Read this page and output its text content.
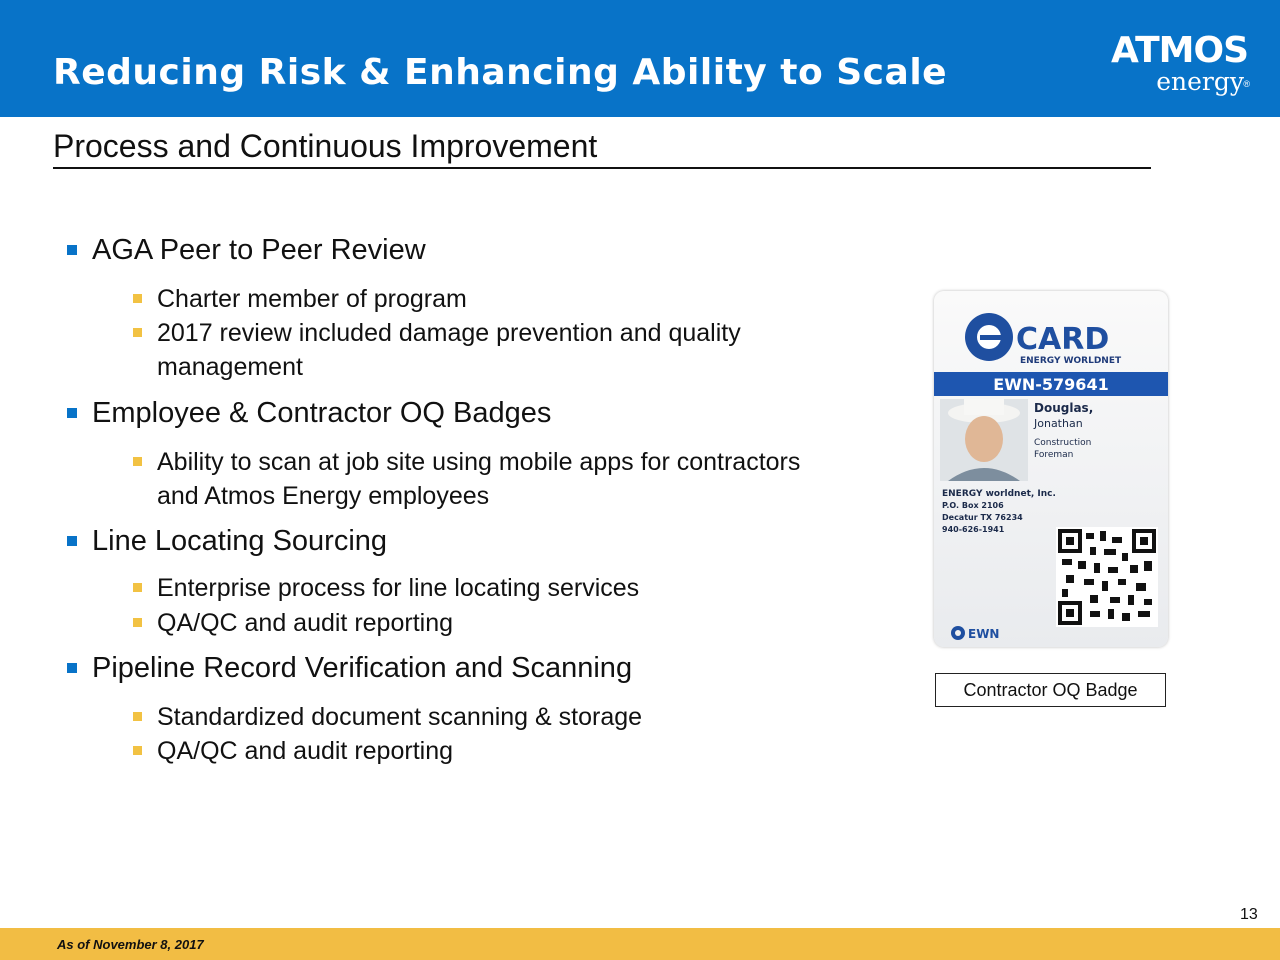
Reducing Risk & Enhancing Ability to Scale
ATMOS
energy ®
Process and Continuous Improvement
AGA Peer to Peer Review
Charter member of program
2017 review included damage prevention and quality
management
Employee & Contractor OQ Badges
Ability to scan at job site using mobile apps for contractors
and Atmos Energy employees
Line Locating Sourcing
Enterprise process for line locating services
QA/QC and audit reporting
Pipeline Record Verification and Scanning
Standardized document scanning & storage
QA/QC and audit reporting
CARD
ENERGY WORLDNET
EWN-579641
Douglas,
Jonathan
Construction
Foreman
ENERGY worldnet, Inc.
P.O. Box 2106
Decatur TX 76234
940-626-1941
EWN
Contractor OQ Badge
13
As of November 8, 2017
